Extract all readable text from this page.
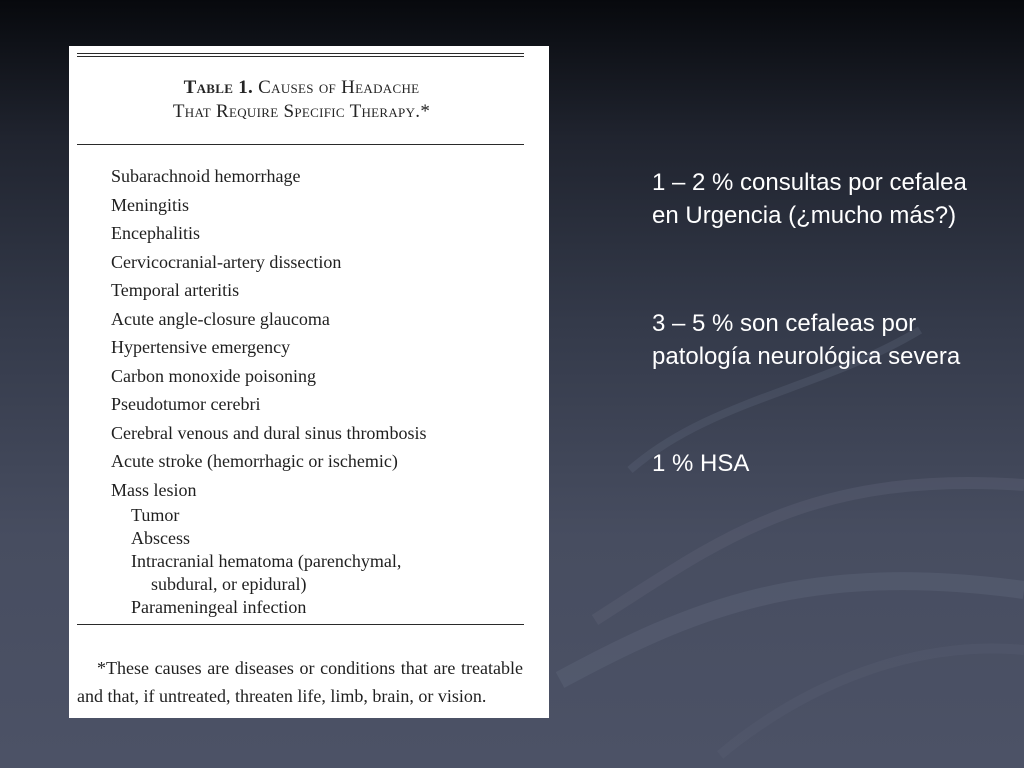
Table 1. Causes of Headache
That Require Specific Therapy.*
Subarachnoid hemorrhage
Meningitis
Encephalitis
Cervicocranial-artery dissection
Temporal arteritis
Acute angle-closure glaucoma
Hypertensive emergency
Carbon monoxide poisoning
Pseudotumor cerebri
Cerebral venous and dural sinus thrombosis
Acute stroke (hemorrhagic or ischemic)
Mass lesion
Tumor
Abscess
Intracranial hematoma (parenchymal,
subdural, or epidural)
Parameningeal infection

*These causes are diseases or conditions that are treatable and that, if untreated, threaten life, limb, brain, or vision.

1 – 2 % consultas por cefalea en Urgencia (¿mucho más?)

3 – 5 % son cefaleas por patología neurológica severa

1 % HSA
